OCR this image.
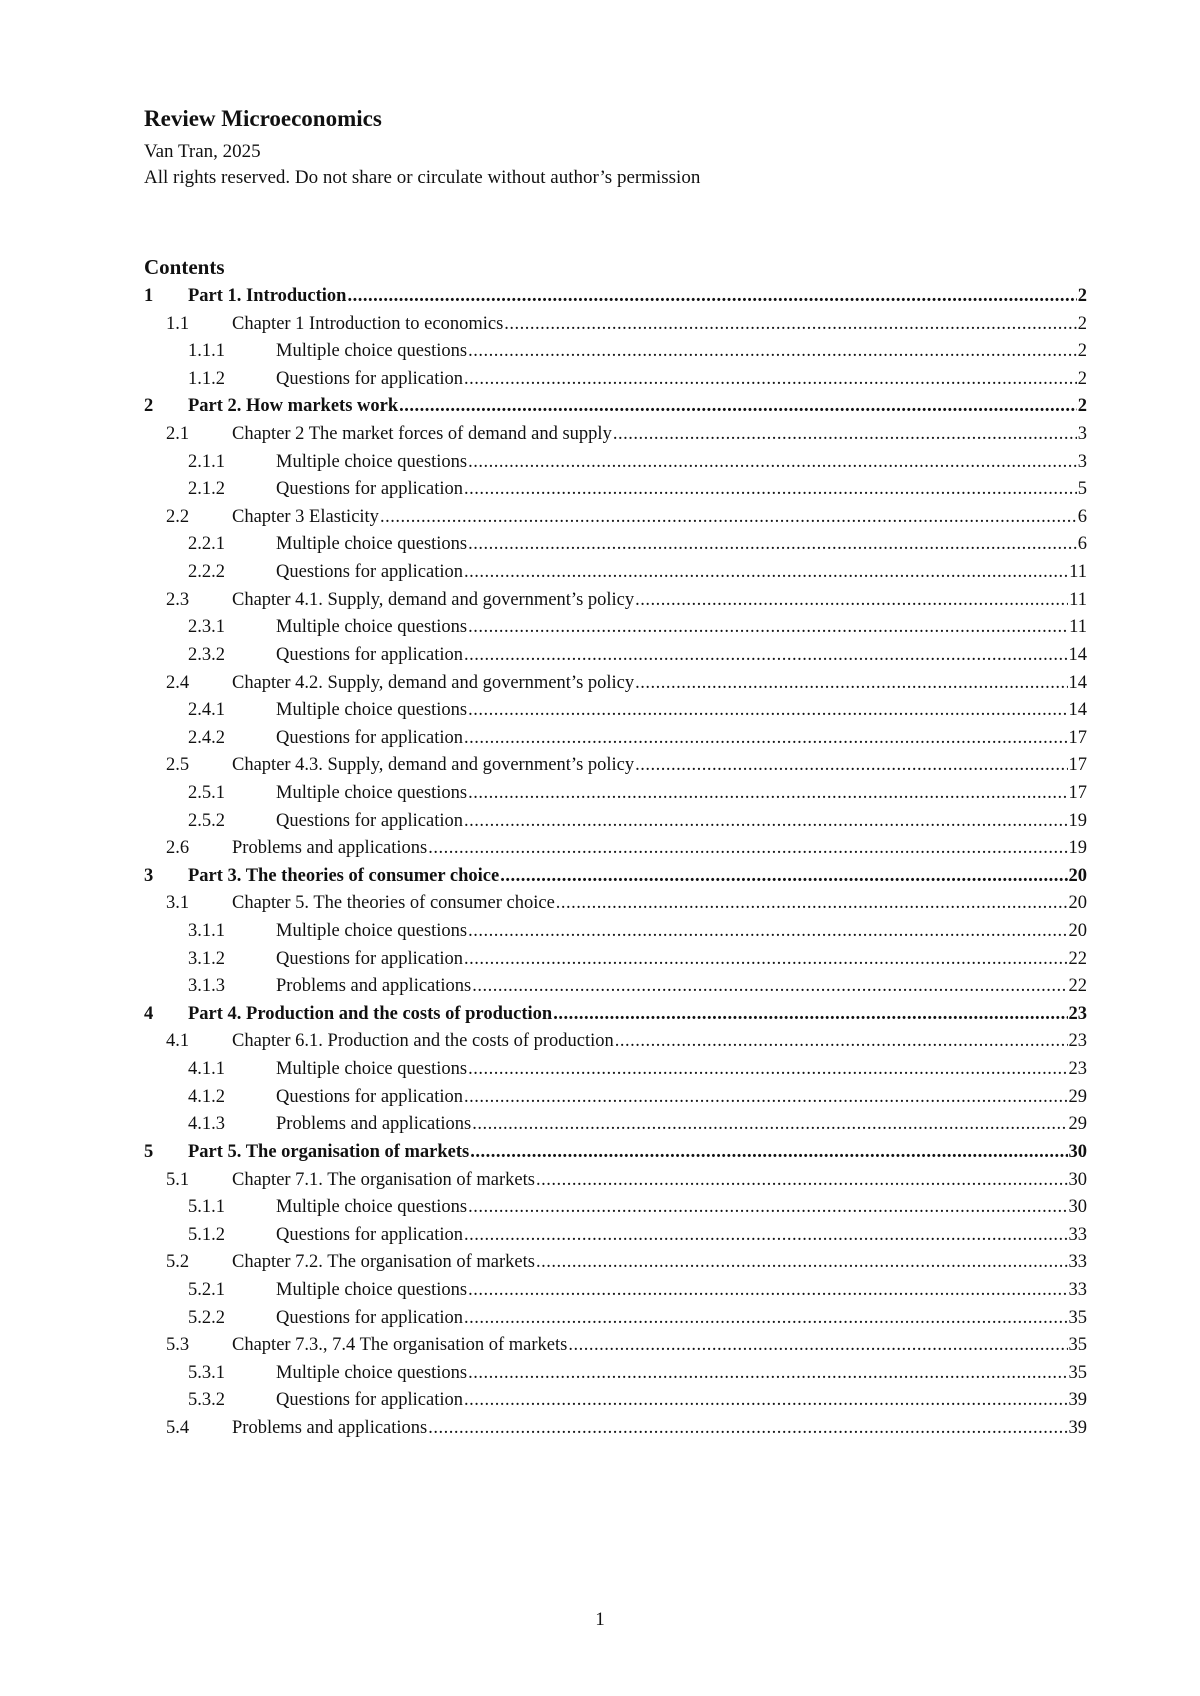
Review Microeconomics
Van Tran, 2025
All rights reserved. Do not share or circulate without author’s permission
Contents
1	Part 1. Introduction .....	2
1.1	Chapter 1 Introduction to economics .....	2
1.1.1	Multiple choice questions .....	2
1.1.2	Questions for application .....	2
2	Part 2. How markets work .....	2
2.1	Chapter 2 The market forces of demand and supply .....	3
2.1.1	Multiple choice questions .....	3
2.1.2	Questions for application .....	5
2.2	Chapter 3 Elasticity .....	6
2.2.1	Multiple choice questions .....	6
2.2.2	Questions for application .....	11
2.3	Chapter 4.1. Supply, demand and government’s policy .....	11
2.3.1	Multiple choice questions .....	11
2.3.2	Questions for application .....	14
2.4	Chapter 4.2. Supply, demand and government’s policy .....	14
2.4.1	Multiple choice questions .....	14
2.4.2	Questions for application .....	17
2.5	Chapter 4.3. Supply, demand and government’s policy .....	17
2.5.1	Multiple choice questions .....	17
2.5.2	Questions for application .....	19
2.6	Problems and applications .....	19
3	Part 3. The theories of consumer choice .....	20
3.1	Chapter 5. The theories of consumer choice .....	20
3.1.1	Multiple choice questions .....	20
3.1.2	Questions for application .....	22
3.1.3	Problems and applications .....	22
4	Part 4. Production and the costs of production .....	23
4.1	Chapter 6.1. Production and the costs of production .....	23
4.1.1	Multiple choice questions .....	23
4.1.2	Questions for application .....	29
4.1.3	Problems and applications .....	29
5	Part 5. The organisation of markets .....	30
5.1	Chapter 7.1. The organisation of markets .....	30
5.1.1	Multiple choice questions .....	30
5.1.2	Questions for application .....	33
5.2	Chapter 7.2. The organisation of markets .....	33
5.2.1	Multiple choice questions .....	33
5.2.2	Questions for application .....	35
5.3	Chapter 7.3., 7.4 The organisation of markets .....	35
5.3.1	Multiple choice questions .....	35
5.3.2	Questions for application .....	39
5.4	Problems and applications .....	39
1
